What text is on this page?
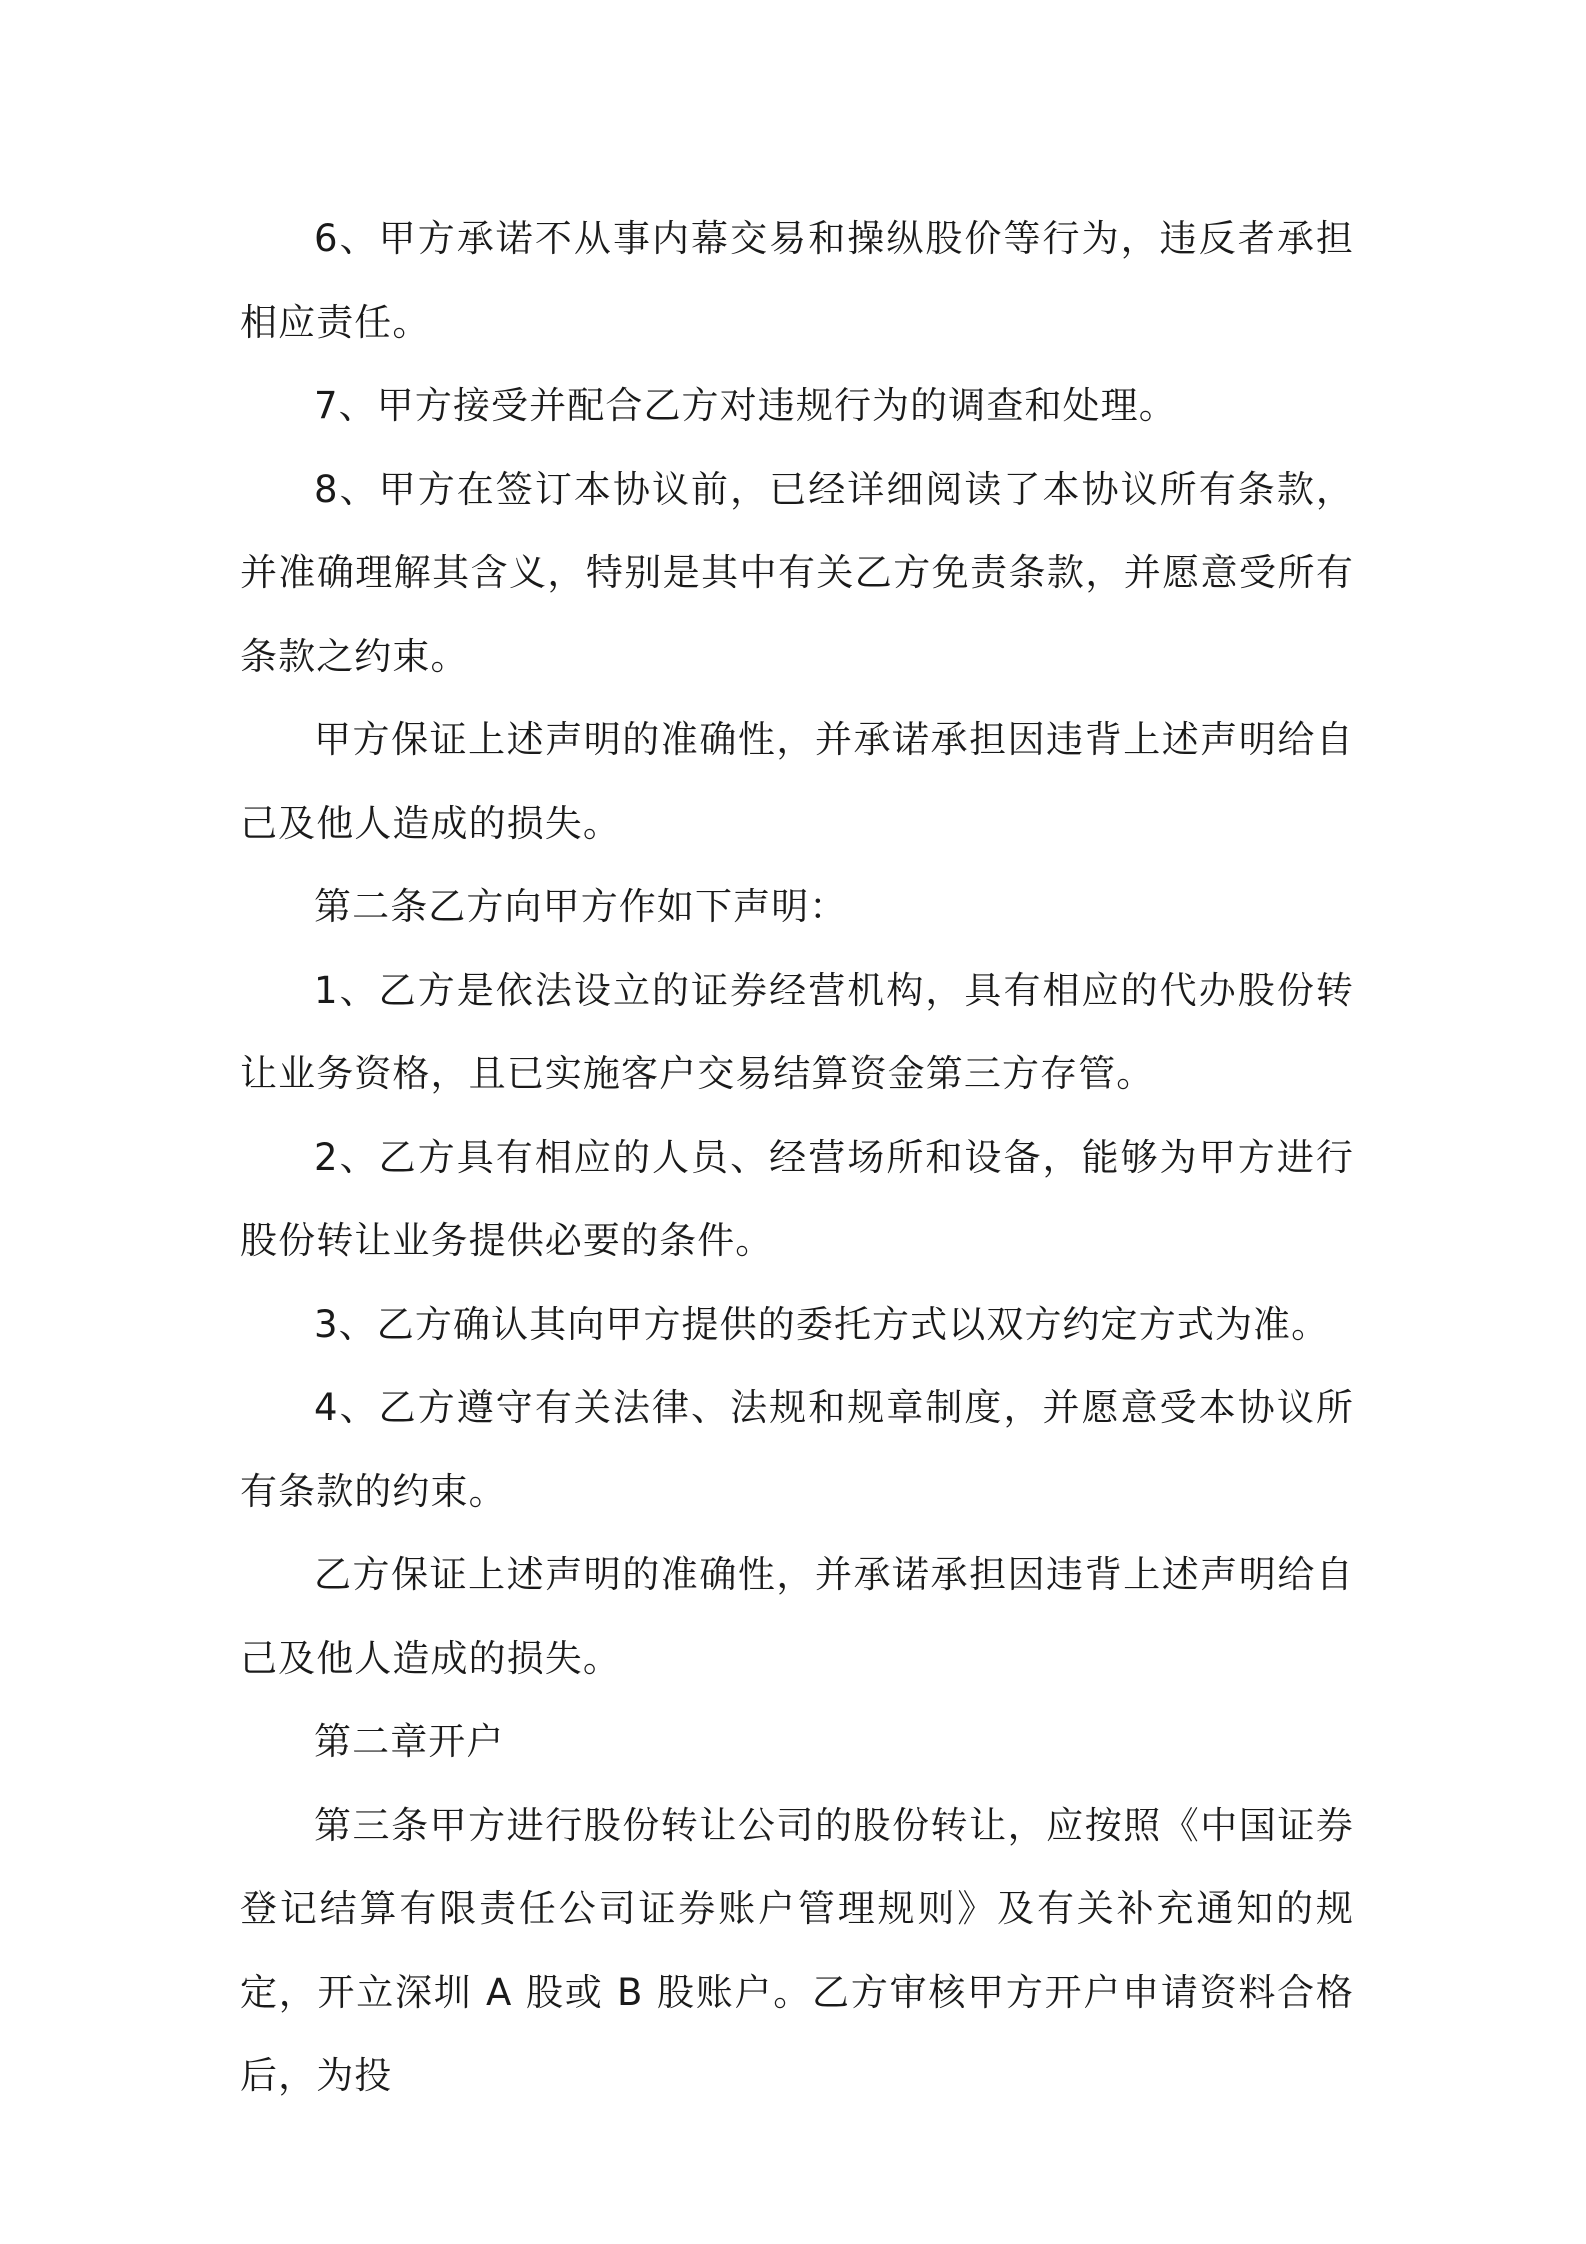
6、甲方承诺不从事内幕交易和操纵股价等行为，违反者承担相应责任。

7、甲方接受并配合乙方对违规行为的调查和处理。

8、甲方在签订本协议前，已经详细阅读了本协议所有条款，并准确理解其含义，特别是其中有关乙方免责条款，并愿意受所有条款之约束。

甲方保证上述声明的准确性，并承诺承担因违背上述声明给自己及他人造成的损失。

第二条乙方向甲方作如下声明：

1、乙方是依法设立的证券经营机构，具有相应的代办股份转让业务资格，且已实施客户交易结算资金第三方存管。

2、乙方具有相应的人员、经营场所和设备，能够为甲方进行股份转让业务提供必要的条件。

3、乙方确认其向甲方提供的委托方式以双方约定方式为准。

4、乙方遵守有关法律、法规和规章制度，并愿意受本协议所有条款的约束。

乙方保证上述声明的准确性，并承诺承担因违背上述声明给自己及他人造成的损失。

第二章开户

第三条甲方进行股份转让公司的股份转让，应按照《中国证券登记结算有限责任公司证券账户管理规则》及有关补充通知的规定，开立深圳 A 股或 B 股账户。乙方审核甲方开户申请资料合格后，为投
